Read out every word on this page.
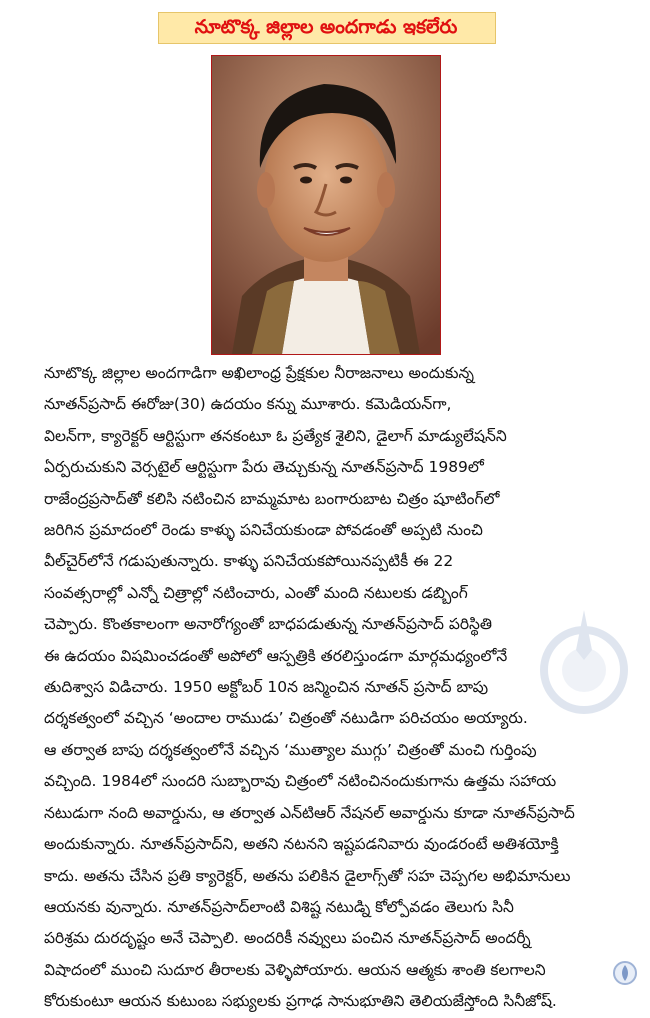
నూటొక్క జిల్లాల అందగాడు ఇకలేరు
నూటొక్క జిల్లాల అందగాడిగా అఖిలాంధ్ర ప్రేక్షకుల నీరాజనాలు అందుకున్న
నూతన్‌ప్రసాద్ ఈరోజు(30) ఉదయం కన్ను మూశారు. కమెడియన్‌గా,
విలన్‌గా, క్యారెక్టర్ ఆర్టిస్టుగా తనకంటూ ఓ ప్రత్యేక శైలిని, డైలాగ్ మాడ్యులేషన్‌ని
ఏర్పరుచుకుని వెర్సటైల్ ఆర్టిస్టుగా పేరు తెచ్చుకున్న నూతన్‌ప్రసాద్ 1989లో
రాజేంద్రప్రసాద్‌తో కలిసి నటించిన బామ్మమాట బంగారుబాట చిత్రం షూటింగ్‌లో
జరిగిన ప్రమాదంలో రెండు కాళ్ళు పనిచేయకుండా పోవడంతో అప్పటి నుంచి
వీల్‌చైర్‌లోనే గడుపుతున్నారు. కాళ్ళు పనిచేయకపోయినప్పటికీ ఈ 22
సంవత్సరాల్లో ఎన్నో చిత్రాల్లో నటించారు, ఎంతో మంది నటులకు డబ్బింగ్
చెప్పారు. కొంతకాలంగా అనారోగ్యంతో బాధపడుతున్న నూతన్‌ప్రసాద్ పరిస్థితి
ఈ ఉదయం విషమించడంతో అపోలో ఆస్పత్రికి తరలిస్తుండగా మార్గమధ్యంలోనే
తుదిశ్వాస విడిచారు. 1950 అక్టోబర్ 10న జన్మించిన నూతన్ ప్రసాద్ బాపు
దర్శకత్వంలో వచ్చిన ‘అందాల రాముడు’ చిత్రంతో నటుడిగా పరిచయం అయ్యారు.
ఆ తర్వాత బాపు దర్శకత్వంలోనే వచ్చిన ‘ముత్యాల ముగ్గు’ చిత్రంతో మంచి గుర్తింపు
వచ్చింది. 1984లో సుందరి సుబ్బారావు చిత్రంలో నటించినందుకుగాను ఉత్తమ సహాయ
నటుడుగా నంది అవార్డును, ఆ తర్వాత ఎన్‌టిఆర్ నేషనల్ అవార్డును కూడా నూతన్‌ప్రసాద్
అందుకున్నారు. నూతన్‌ప్రసాద్‌ని, అతని నటనని ఇష్టపడనివారు వుండరంటే అతిశయోక్తి
కాదు. అతను చేసిన ప్రతి క్యారెక్టర్, అతను పలికిన డైలాగ్స్‌తో సహ చెప్పగల అభిమానులు
ఆయనకు వున్నారు. నూతన్‌ప్రసాద్‌లాంటి విశిష్ట నటుడ్ని కోల్పోవడం తెలుగు సినీ
పరిశ్రమ దురదృష్టం అనే చెప్పాలి. అందరికీ నవ్వులు పంచిన నూతన్‌ప్రసాద్ అందర్నీ
విషాదంలో ముంచి సుదూర తీరాలకు వెళ్ళిపోయారు. ఆయన ఆత్మకు శాంతి కలగాలని
కోరుకుంటూ ఆయన కుటుంబ సభ్యులకు ప్రగాఢ సానుభూతిని తెలియజేస్తోంది సినీజోష్.
